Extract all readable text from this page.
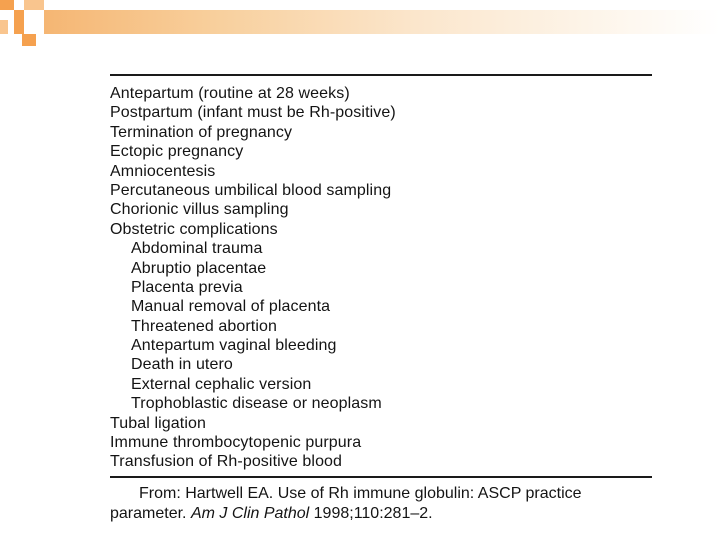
Antepartum (routine at 28 weeks)
Postpartum (infant must be Rh-positive)
Termination of pregnancy
Ectopic pregnancy
Amniocentesis
Percutaneous umbilical blood sampling
Chorionic villus sampling
Obstetric complications
Abdominal trauma
Abruptio placentae
Placenta previa
Manual removal of placenta
Threatened abortion
Antepartum vaginal bleeding
Death in utero
External cephalic version
Trophoblastic disease or neoplasm
Tubal ligation
Immune thrombocytopenic purpura
Transfusion of Rh-positive blood
From: Hartwell EA. Use of Rh immune globulin: ASCP practice
parameter. Am J Clin Pathol 1998;110:281–2.
